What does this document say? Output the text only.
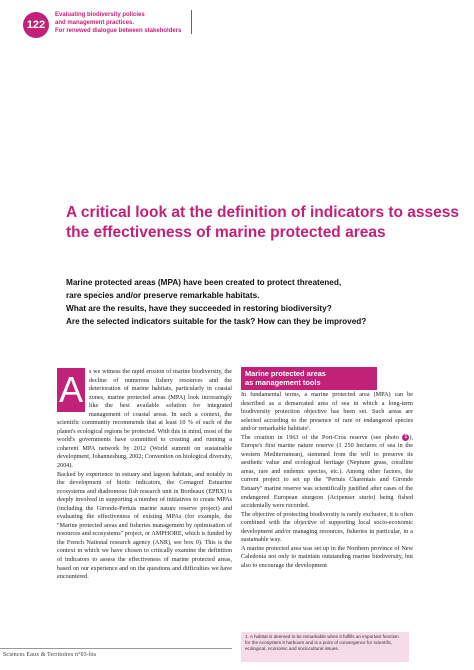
122
Evaluating biodiversity policies
and management practices.
For renewed dialogue between stakeholders
A critical look at the definition of indicators to assess
the effectiveness of marine protected areas
Marine protected areas (MPA) have been created to protect threatened,
rare species and/or preserve remarkable habitats.
What are the results, have they succeeded in restoring biodiversity?
Are the selected indicators suitable for the task? How can they be improved?
A s we witness the rapid erosion of marine biodiversity, the decline of numerous fishery resources and the deterioration of marine habitats, particularly in coastal zones, marine protected areas (MPA) look increasingly like the best available solution for integrated management of coastal areas. In such a context, the scientific community recommends that at least 10 % of each of the planet's ecological regions be protected. With this in mind, most of the world's governments have committed to creating and running a coherent MPA network by 2012 (World summit on sustainable development, Johannesburg, 2002; Convention on biological diversity, 2004).

Backed by experience in estuary and lagoon habitats, and notably in the development of biotic indicators, the Cemagref Estuarine ecosystems and diadromous fish research unit in Bordeaux (EPBX) is deeply involved in supporting a number of initiatives to create MPAs (including the Gironde-Pertuis marine nature reserve project) and evaluating the effectiveness of existing MPAs (for example, the "Marine protected areas and fisheries management by optimisation of resources and ecosystems" project, or AMPHORE, which is funded by the French National research agency (ANR), see box 0). This is the context in which we have chosen to critically examine the definition of indicators to assess the effectiveness of marine protected areas, based on our experience and on the questions and difficulties we have encountered.

Marine protected areas
as management tools

In fundamental terms, a marine protected area (MPA) can be described as a demarcated area of sea in which a long-term biodiversity protection objective has been set. Such areas are selected according to the presence of rare or endangered species and/or remarkable habitats¹.

The creation in 1963 of the Port-Cros reserve (see photo 1 ), Europe's first marine nature reserve (1 250 hectares of sea in the western Mediterranean), stemmed from the will to preserve its aesthetic value and ecological heritage (Neptune grass, coralline areas, rare and endemic species, etc.). Among other factors, the current project to set up the "Pertuis Charentais and Gironde Estuary" marine reserve was scientifically justified after cases of the endangered European sturgeon (Acipenser sturio) being fished accidentally were recorded.

The objective of protecting biodiversity is rarely exclusive, it is often combined with the objective of supporting local socio-economic development and/or managing resources, fisheries in particular, in a sustainable way.

A marine protected area was set up in the Northern province of New Caledonia not only to maintain outstanding marine biodiversity, but also to encourage the development

1. A habitat is deemed to be remarkable when it fulfills an important function for the ecosystem it harbours and is a point of convergence for scientific, ecological, economic and sociocultural issues.
Sciences Eaux & Territoires n°03-bis
